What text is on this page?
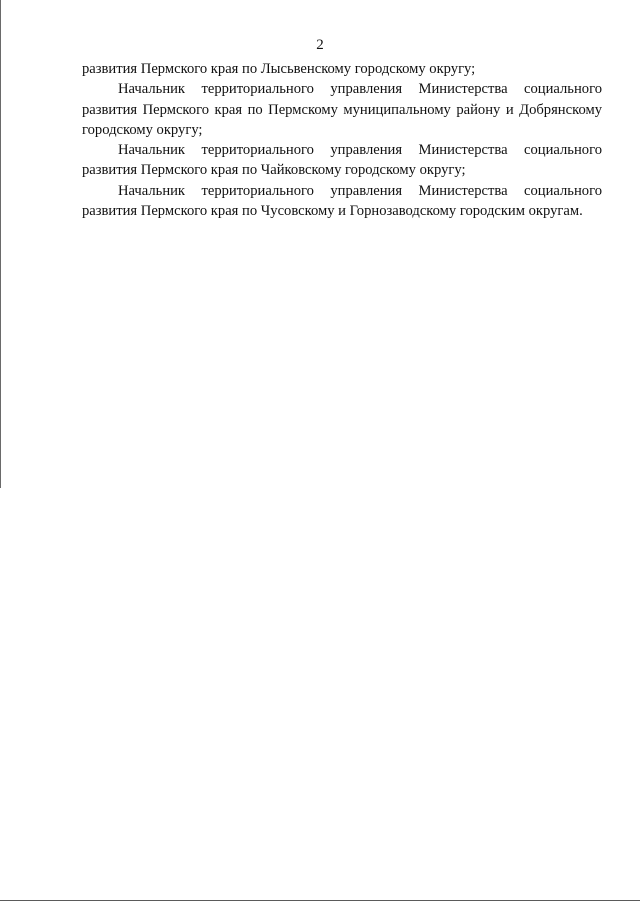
2

развития Пермского края по Лысьвенскому городскому округу;

Начальник территориального управления Министерства социального развития Пермского края по Пермскому муниципальному району и Добрянскому городскому округу;

Начальник территориального управления Министерства социального развития Пермского края по Чайковскому городскому округу;

Начальник территориального управления Министерства социального развития Пермского края по Чусовскому и Горнозаводскому городским округам.
